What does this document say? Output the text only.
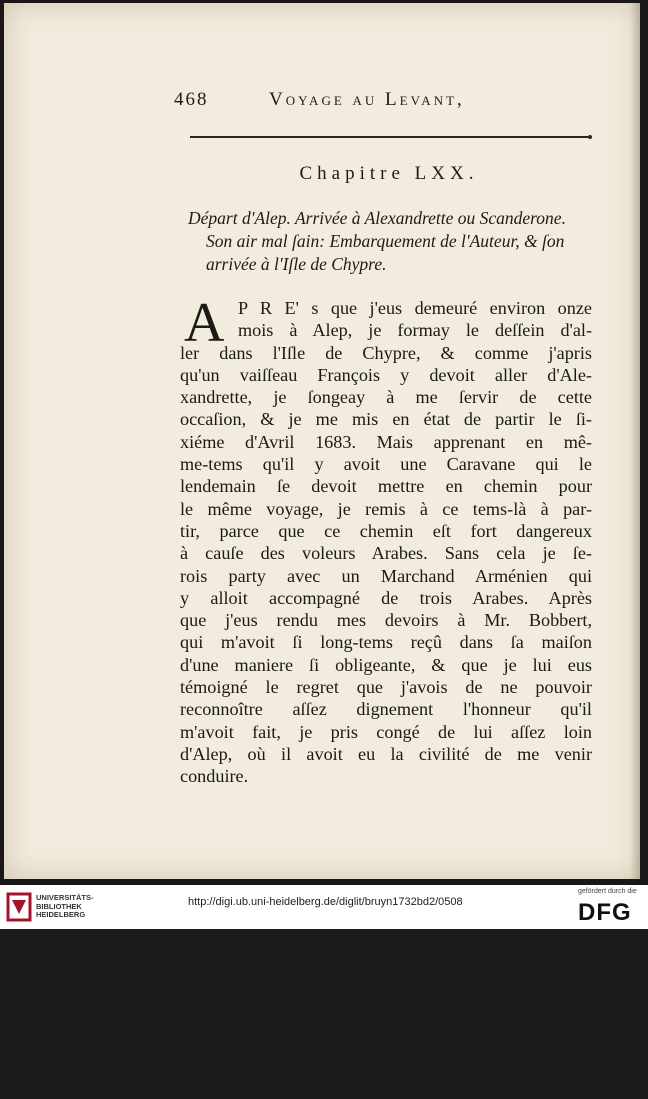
468	Voyage au Levant,
Chapitre LXX.
Départ d'Alep. Arrivée à Alexandrette ou Scanderone.
Son air mal ſain: Embarquement de l'Auteur, & ſon
arrivée à l'Iſle de Chypre.
A P R E' s que j'eus demeuré environ onze
mois à Alep, je formay le deſſein d'al-
ler dans l'Iſle de Chypre, & comme j'apris
qu'un vaiſſeau François y devoit aller d'Ale-
xandrette, je ſongeay à me ſervir de cette
occaſion, & je me mis en état de partir le ſi-
xiéme d'Avril 1683. Mais apprenant en mê-
me-tems qu'il y avoit une Caravane qui le
lendemain ſe devoit mettre en chemin pour
le même voyage, je remis à ce tems-là à par-
tir, parce que ce chemin eſt fort dangereux
à cauſe des voleurs Arabes. Sans cela je ſe-
rois party avec un Marchand Arménien qui
y alloit accompagné de trois Arabes. Après
que j'eus rendu mes devoirs à Mr. Bobbert,
qui m'avoit ſi long-tems reçû dans ſa maiſon
d'une maniere ſi obligeante, & que je lui eus
témoigné le regret que j'avois de ne pouvoir
reconnoître aſſez dignement l'honneur qu'il
m'avoit fait, je pris congé de lui aſſez loin
d'Alep, où il avoit eu la civilité de me venir
conduire.
Il
UNIVERSITÄTS-
BIBLIOTHEK
HEIDELBERG
http://digi.ub.uni-heidelberg.de/diglit/bruyn1732bd2/0508
gefördert durch die
DFG
